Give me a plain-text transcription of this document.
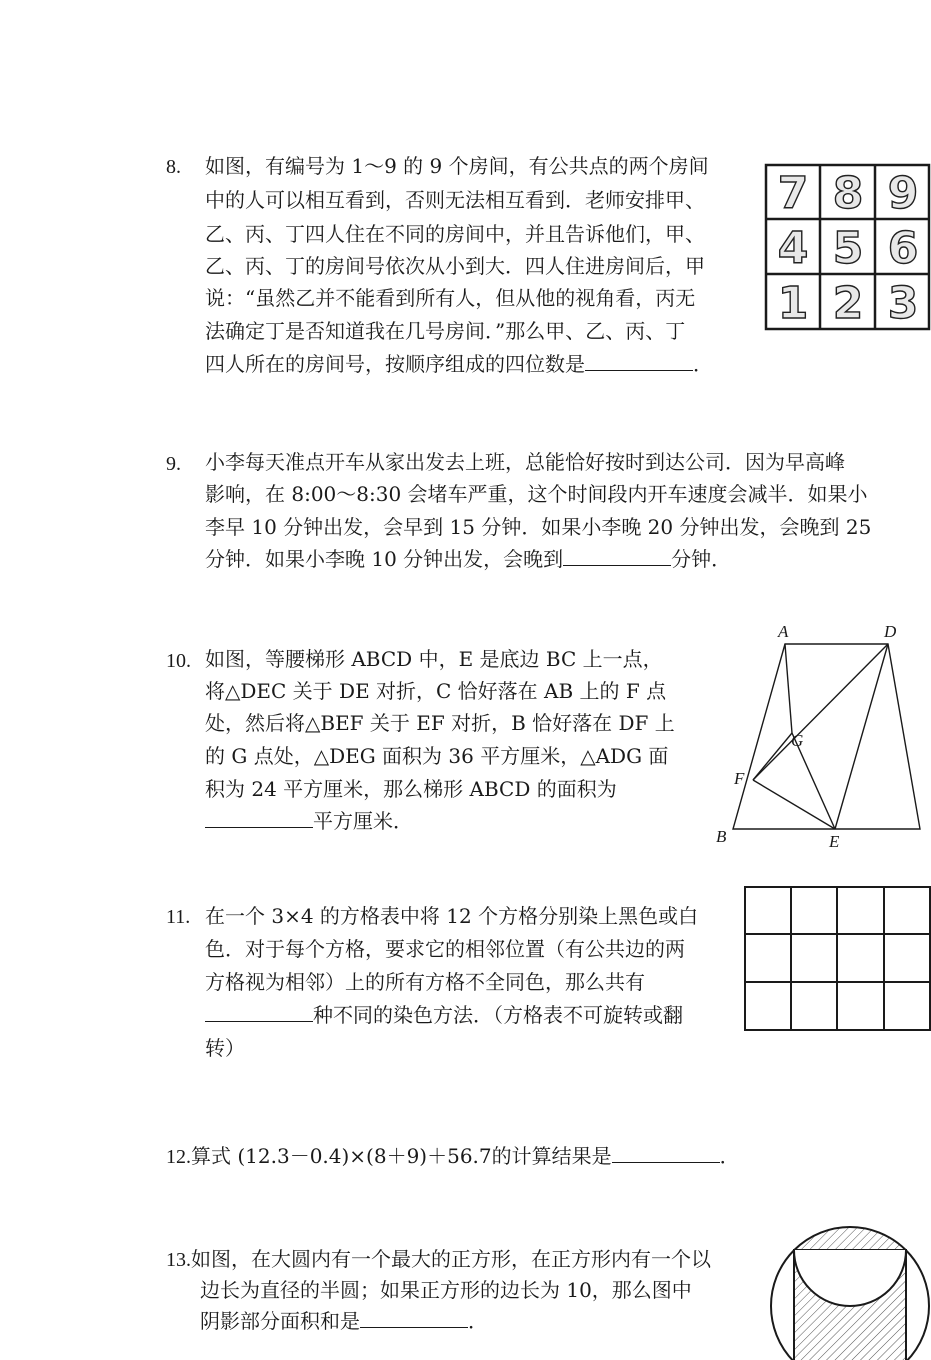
8. 如图，有编号为 1～9 的 9 个房间，有公共点的两个房间
中的人可以相互看到，否则无法相互看到．老师安排甲、
乙、丙、丁四人住在不同的房间中，并且告诉他们，甲、
乙、丙、丁的房间号依次从小到大．四人住进房间后，甲
说：“虽然乙并不能看到所有人，但从他的视角看，丙无
法确定丁是否知道我在几号房间．”那么甲、乙、丙、丁
四人所在的房间号，按顺序组成的四位数是	．
7 8 9
4 5 6
1 2 3
9. 小李每天准点开车从家出发去上班，总能恰好按时到达公司．因为早高峰
影响，在 8:00～8:30 会堵车严重，这个时间段内开车速度会减半．如果小
李早 10 分钟出发，会早到 15 分钟．如果小李晚 20 分钟出发，会晚到 25
分钟．如果小李晚 10 分钟出发，会晚到	分钟．
10. 如图，等腰梯形 ABCD 中，E 是底边 BC 上一点，
将△DEC 关于 DE 对折，C 恰好落在 AB 上的 F 点
处，然后将△BEF 关于 EF 对折，B 恰好落在 DF 上
的 G 点处，△DEG 面积为 36 平方厘米，△ADG 面
积为 24 平方厘米，那么梯形 ABCD 的面积为
平方厘米．
A	D
G
F
B	E
11. 在一个 3×4 的方格表中将 12 个方格分别染上黑色或白
色．对于每个方格，要求它的相邻位置（有公共边的两
方格视为相邻）上的所有方格不全同色，那么共有
种不同的染色方法．（方格表不可旋转或翻
转）
12.算式 (12.3－0.4)×(8＋9)＋56.7的计算结果是	．
13.如图，在大圆内有一个最大的正方形，在正方形内有一个以
边长为直径的半圆；如果正方形的边长为 10，那么图中
阴影部分面积和是	．
